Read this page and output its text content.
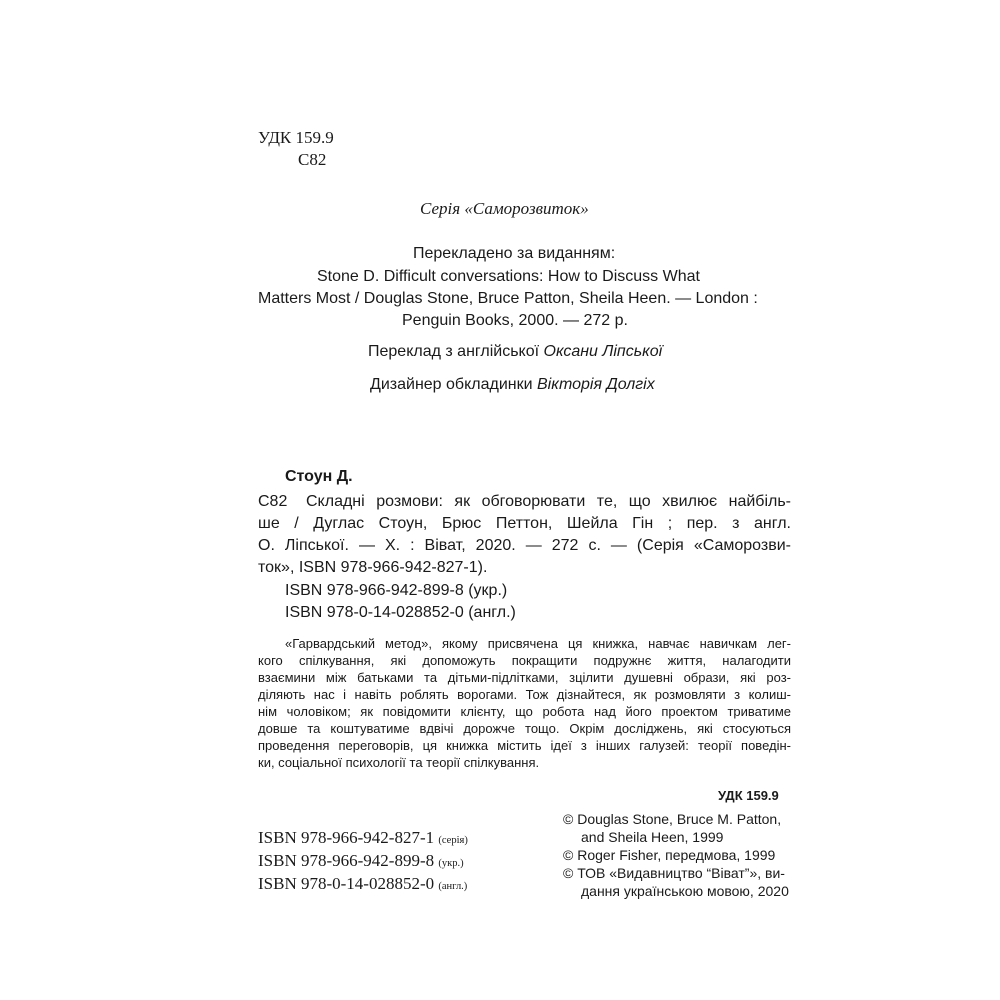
УДК 159.9
С82
Серія «Саморозвиток»
Перекладено за виданням:
Stone D. Difficult conversations: How to Discuss What
Matters Most / Douglas Stone, Bruce Patton, Sheila Heen. — London :
Penguin Books, 2000. — 272 p.
Переклад з англійської Оксани Ліпської
Дизайнер обкладинки Вікторія Долгіх
Стоун Д.
С82 Складні розмови: як обговорювати те, що хвилює найбіль-
ше / Дуглас Стоун, Брюс Петтон, Шейла Гін ; пер. з англ.
О. Ліпської. — Х. : Віват, 2020. — 272 с. — (Серія «Саморозви-
ток», ISBN 978-966-942-827-1).
ISBN 978-966-942-899-8 (укр.)
ISBN 978-0-14-028852-0 (англ.)
«Гарвардський метод», якому присвячена ця книжка, навчає навичкам лег-
кого спілкування, які допоможуть покращити подружнє життя, налагодити
взаємини між батьками та дітьми-підлітками, зцілити душевні образи, які роз-
діляють нас і навіть роблять ворогами. Тож дізнайтеся, як розмовляти з колиш-
нім чоловіком; як повідомити клієнту, що робота над його проектом триватиме
довше та коштуватиме вдвічі дорожче тощо. Окрім досліджень, які стосуються
проведення переговорів, ця книжка містить ідеї з інших галузей: теорії поведін-
ки, соціальної психології та теорії спілкування.
УДК 159.9
ISBN 978-966-942-827-1 (серія)
ISBN 978-966-942-899-8 (укр.)
ISBN 978-0-14-028852-0 (англ.)
© Douglas Stone, Bruce M. Patton,
and Sheila Heen, 1999
© Roger Fisher, передмова, 1999
© ТОВ «Видавництво “Віват”», ви-
дання українською мовою, 2020
